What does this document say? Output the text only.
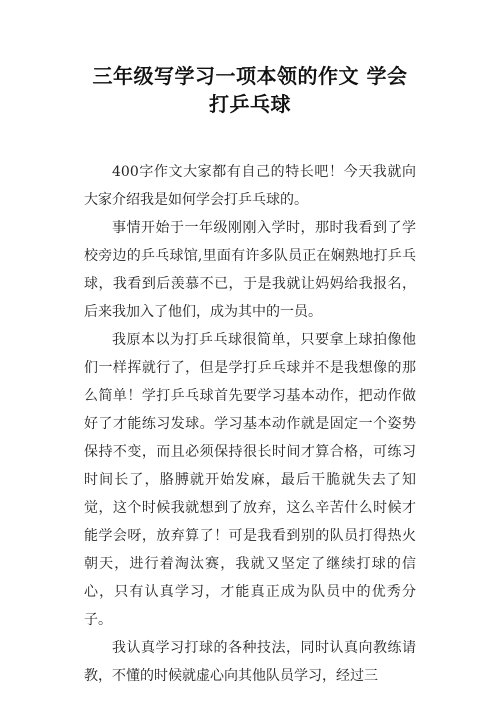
三年级写学习一项本领的作文 学会打乒乓球

400字作文大家都有自己的特长吧！今天我就向大家介绍我是如何学会打乒乓球的。

事情开始于一年级刚刚入学时，那时我看到了学校旁边的乒乓球馆,里面有许多队员正在娴熟地打乒乓球，我看到后羡慕不已，于是我就让妈妈给我报名，后来我加入了他们，成为其中的一员。

我原本以为打乒乓球很简单，只要拿上球拍像他们一样挥就行了，但是学打乒乓球并不是我想像的那么简单！学打乒乓球首先要学习基本动作，把动作做好了才能练习发球。学习基本动作就是固定一个姿势保持不变，而且必须保持很长时间才算合格，可练习时间长了，胳膊就开始发麻，最后干脆就失去了知觉，这个时候我就想到了放弃，这么辛苦什么时候才能学会呀，放弃算了！可是我看到别的队员打得热火朝天，进行着淘汰赛，我就又坚定了继续打球的信心，只有认真学习，才能真正成为队员中的优秀分子。

我认真学习打球的各种技法，同时认真向教练请教，不懂的时候就虚心向其他队员学习，经过三
